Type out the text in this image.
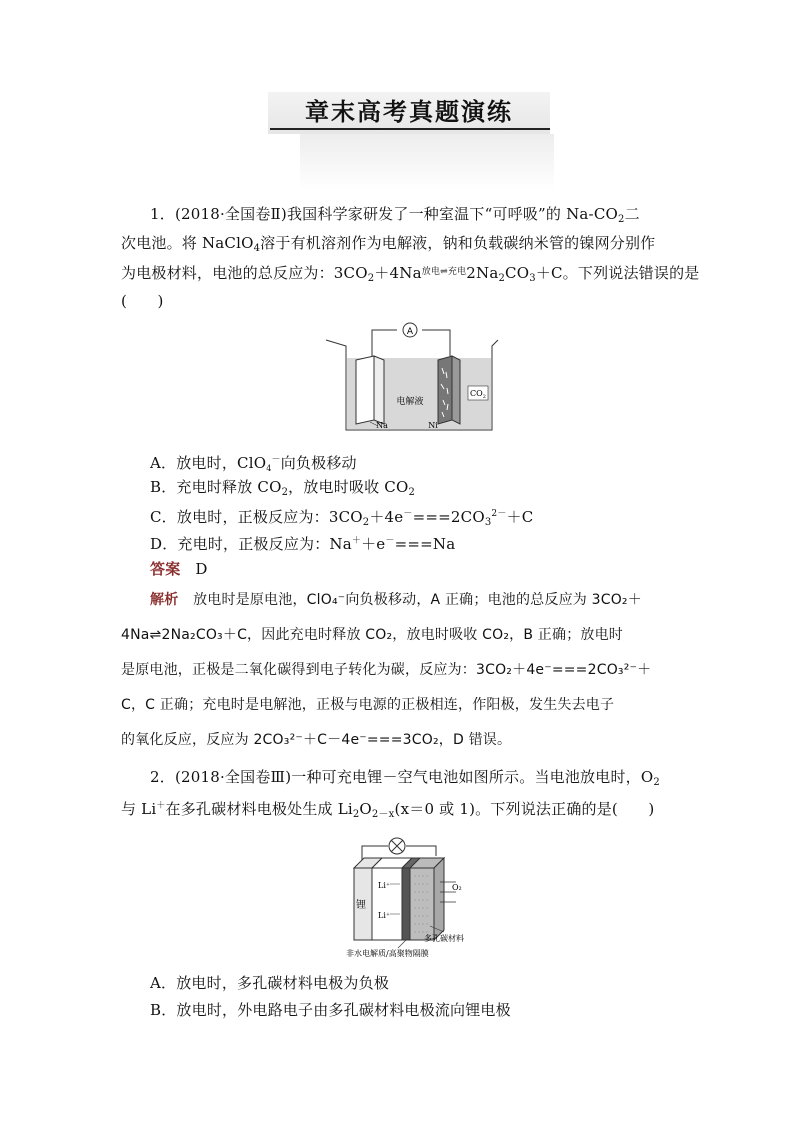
章末高考真题演练
1．(2018·全国卷Ⅱ)我国科学家研发了一种室温下“可呼吸”的 $Na-CO_2$二
次电池。将 NaClO$_4$溶于有机溶剂作为电解液，钠和负载碳纳米管的镍网分别作
为电极材料，电池的总反应为：$3CO_2+4Na$放电⇌充电$2Na_2CO_3+C$。下列说法错误的是
(　　)
A
电解液
Na	Ni
$CO_2$
A．放电时，ClO$_4$－向负极移动
B．充电时释放 $CO_2$，放电时吸收 $CO_2$
C．放电时，正极反应为：$3CO_2+4e^-===2CO_3^{2-}+C$
D．充电时，正极反应为：Na＋＋e－===Na
答案 D
解析 放电时是原电池，ClO₄⁻向负极移动，A 正确；电池的总反应为 3CO₂＋
4Na⇌2Na₂CO₃＋C，因此充电时释放 CO₂，放电时吸收 CO₂，B 正确；放电时
是原电池，正极是二氧化碳得到电子转化为碳，反应为：3CO₂＋4e⁻===2CO₃²⁻＋
C，C 正确；充电时是电解池，正极与电源的正极相连，作阳极，发生失去电子
的氧化反应，反应为 2CO₃²⁻＋C－4e⁻===3CO₂，D 错误。
2．(2018·全国卷Ⅲ)一种可充电锂－空气电池如图所示。当电池放电时，$O_2$
与 Li＋在多孔碳材料电极处生成 $Li_2O_{2-x}(x=0$ 或 1)。下列说法正确的是(　　)
O₂
锂
Li⁺
Li⁺
多孔碳材料
非水电解质/高聚物隔膜
A．放电时，多孔碳材料电极为负极
B．放电时，外电路电子由多孔碳材料电极流向锂电极
